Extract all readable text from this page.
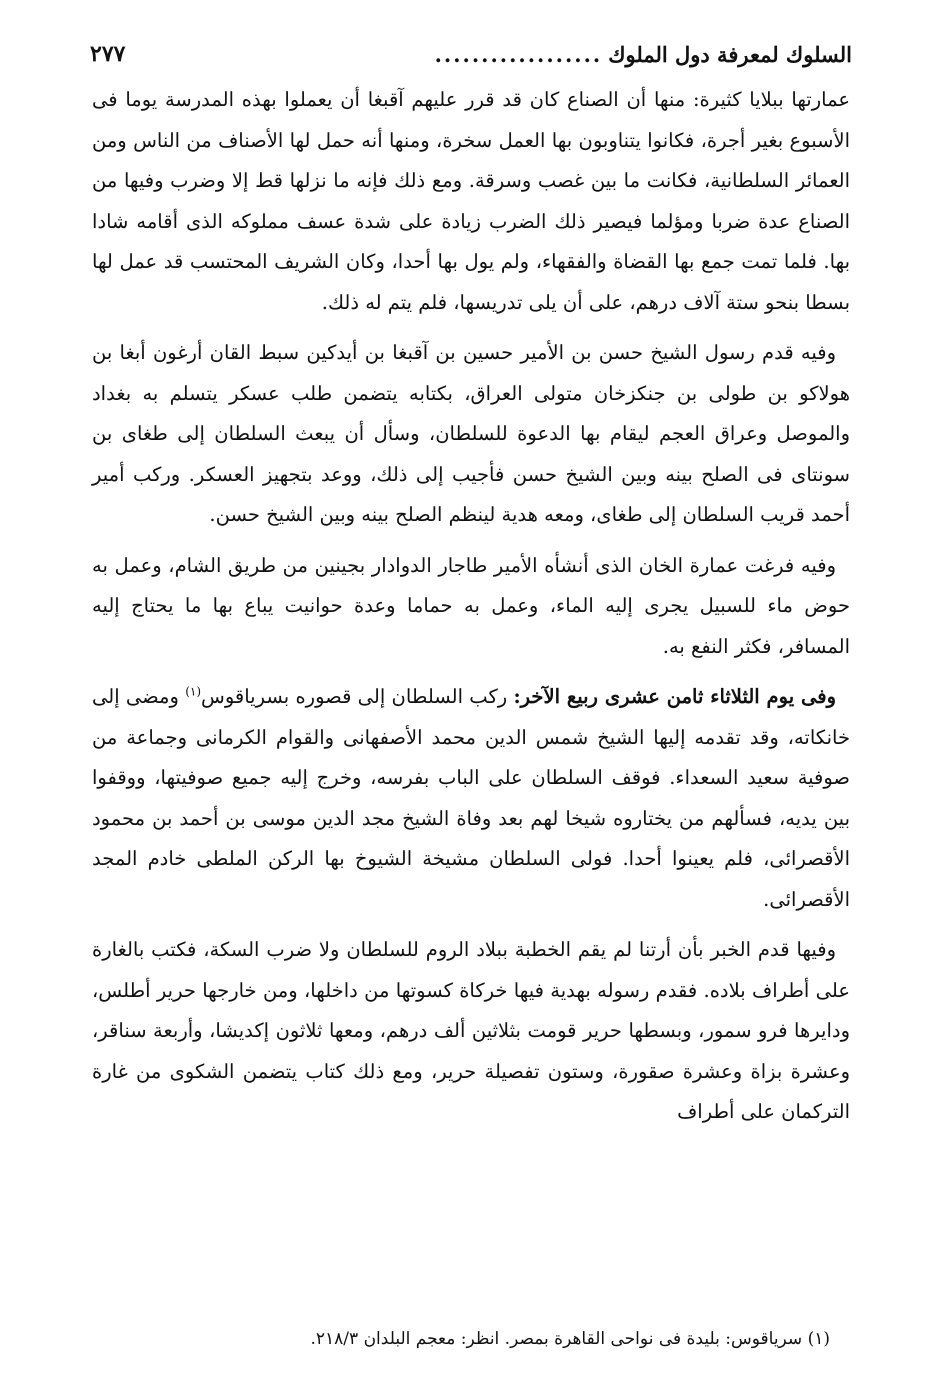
السلوك لمعرفة دول الملوك
..................
٢٧٧

عمارتها ببلايا كثيرة: منها أن الصناع كان قد قرر عليهم آقبغا أن يعملوا بهذه المدرسة يوما فى الأسبوع بغير أجرة، فكانوا يتناوبون بها العمل سخرة، ومنها أنه حمل لها الأصناف من الناس ومن العمائر السلطانية، فكانت ما بين غصب وسرقة. ومع ذلك فإنه ما نزلها قط إلا وضرب وفيها من الصناع عدة ضربا ومؤلما فيصير ذلك الضرب زيادة على شدة عسف مملوكه الذى أقامه شادا بها. فلما تمت جمع بها القضاة والفقهاء، ولم يول بها أحدا، وكان الشريف المحتسب قد عمل لها بسطا بنحو ستة آلاف درهم، على أن يلى تدريسها، فلم يتم له ذلك.

وفيه قدم رسول الشيخ حسن بن الأمير حسين بن آقبغا بن أيدكين سبط القان أرغون أبغا بن هولاكو بن طولى بن جنكزخان متولى العراق، بكتابه يتضمن طلب عسكر يتسلم به بغداد والموصل وعراق العجم ليقام بها الدعوة للسلطان، وسأل أن يبعث السلطان إلى طغاى بن سونتاى فى الصلح بينه وبين الشيخ حسن فأجيب إلى ذلك، ووعد بتجهيز العسكر. وركب أمير أحمد قريب السلطان إلى طغاى، ومعه هدية لينظم الصلح بينه وبين الشيخ حسن.

وفيه فرغت عمارة الخان الذى أنشأه الأمير طاجار الدوادار بجينين من طريق الشام، وعمل به حوض ماء للسبيل يجرى إليه الماء، وعمل به حماما وعدة حوانيت يباع بها ما يحتاج إليه المسافر، فكثر النفع به.

وفى يوم الثلاثاء ثامن عشرى ربيع الآخر: ركب السلطان إلى قصوره بسرياقوس$^{(١)}$ ومضى إلى خانكاته، وقد تقدمه إليها الشيخ شمس الدين محمد الأصفهانى والقوام الكرمانى وجماعة من صوفية سعيد السعداء. فوقف السلطان على الباب بفرسه، وخرج إليه جميع صوفيتها، ووقفوا بين يديه، فسألهم من يختاروه شيخا لهم بعد وفاة الشيخ مجد الدين موسى بن أحمد بن محمود الأقصرائى، فلم يعينوا أحدا. فولى السلطان مشيخة الشيوخ بها الركن الملطى خادم المجد الأقصرائى.

وفيها قدم الخبر بأن أرتنا لم يقم الخطبة ببلاد الروم للسلطان ولا ضرب السكة، فكتب بالغارة على أطراف بلاده. فقدم رسوله بهدية فيها خركاة كسوتها من داخلها، ومن خارجها حرير أطلس، ودايرها فرو سمور، وبسطها حرير قومت بثلاثين ألف درهم، ومعها ثلاثون إكديشا، وأربعة سناقر، وعشرة بزاة وعشرة صقورة، وستون تفصيلة حرير، ومع ذلك كتاب يتضمن الشكوى من غارة التركمان على أطراف

(١) سرياقوس: بليدة فى نواحى القاهرة بمصر. انظر: معجم البلدان ٢١٨/٣.
